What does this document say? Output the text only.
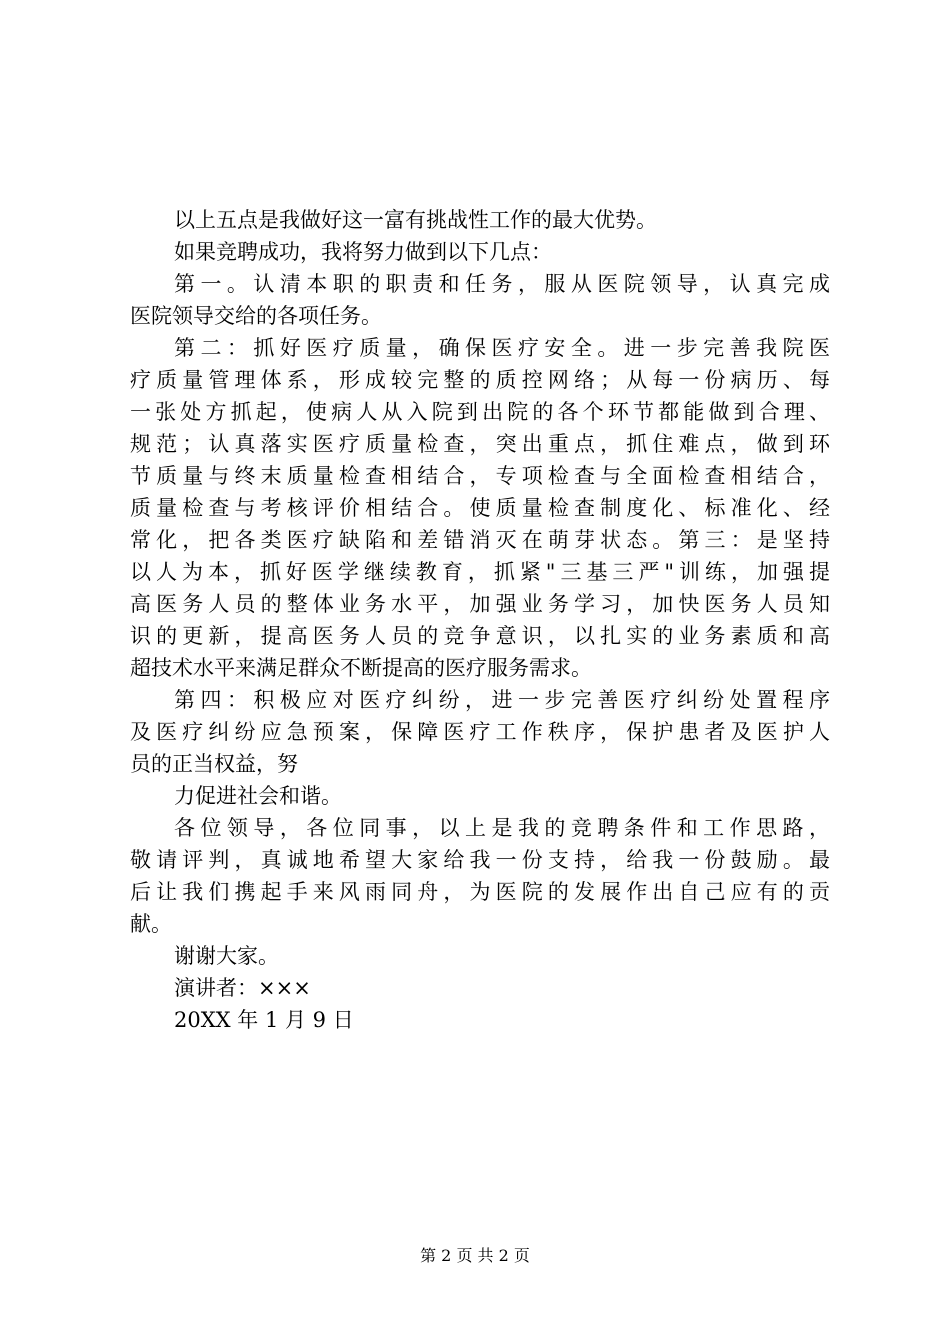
以上五点是我做好这一富有挑战性工作的最大优势。
如果竞聘成功，我将努力做到以下几点：
第一。认清本职的职责和任务，服从医院领导，认真完成
医院领导交给的各项任务。
第二：抓好医疗质量，确保医疗安全。进一步完善我院医
疗质量管理体系，形成较完整的质控网络；从每一份病历、每
一张处方抓起，使病人从入院到出院的各个环节都能做到合理、
规范；认真落实医疗质量检查，突出重点，抓住难点，做到环
节质量与终末质量检查相结合，专项检查与全面检查相结合，
质量检查与考核评价相结合。使质量检查制度化、标准化、经
常化，把各类医疗缺陷和差错消灭在萌芽状态。第三：是坚持
以人为本，抓好医学继续教育，抓紧"三基三严"训练，加强提
高医务人员的整体业务水平，加强业务学习，加快医务人员知
识的更新，提高医务人员的竞争意识，以扎实的业务素质和高
超技术水平来满足群众不断提高的医疗服务需求。
第四：积极应对医疗纠纷，进一步完善医疗纠纷处置程序
及医疗纠纷应急预案，保障医疗工作秩序，保护患者及医护人
员的正当权益，努
力促进社会和谐。
各位领导，各位同事，以上是我的竞聘条件和工作思路，
敬请评判，真诚地希望大家给我一份支持，给我一份鼓励。最
后让我们携起手来风雨同舟，为医院的发展作出自己应有的贡
献。
谢谢大家。
演讲者：×××
20XX 年 1 月 9 日
第 2 页 共 2 页
